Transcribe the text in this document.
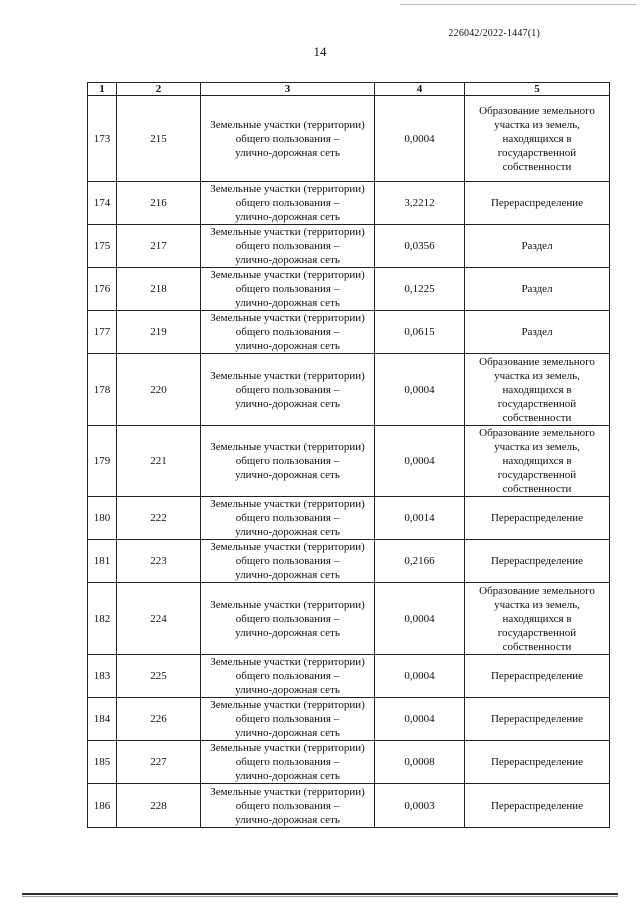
226042/2022-1447(1)
14
1	2	3	4	5
173	215	Земельные участки (территории)
общего пользования –
улично-дорожная сеть	0,0004	Образование земельного
участка из земель,
находящихся в
государственной
собственности
174	216	Земельные участки (территории)
общего пользования –
улично-дорожная сеть	3,2212	Перераспределение
175	217	Земельные участки (территории)
общего пользования –
улично-дорожная сеть	0,0356	Раздел
176	218	Земельные участки (территории)
общего пользования –
улично-дорожная сеть	0,1225	Раздел
177	219	Земельные участки (территории)
общего пользования –
улично-дорожная сеть	0,0615	Раздел
178	220	Земельные участки (территории)
общего пользования –
улично-дорожная сеть	0,0004	Образование земельного
участка из земель,
находящихся в
государственной
собственности
179	221	Земельные участки (территории)
общего пользования –
улично-дорожная сеть	0,0004	Образование земельного
участка из земель,
находящихся в
государственной
собственности
180	222	Земельные участки (территории)
общего пользования –
улично-дорожная сеть	0,0014	Перераспределение
181	223	Земельные участки (территории)
общего пользования –
улично-дорожная сеть	0,2166	Перераспределение
182	224	Земельные участки (территории)
общего пользования –
улично-дорожная сеть	0,0004	Образование земельного
участка из земель,
находящихся в
государственной
собственности
183	225	Земельные участки (территории)
общего пользования –
улично-дорожная сеть	0,0004	Перераспределение
184	226	Земельные участки (территории)
общего пользования –
улично-дорожная сеть	0,0004	Перераспределение
185	227	Земельные участки (территории)
общего пользования –
улично-дорожная сеть	0,0008	Перераспределение
186	228	Земельные участки (территории)
общего пользования –
улично-дорожная сеть	0,0003	Перераспределение
